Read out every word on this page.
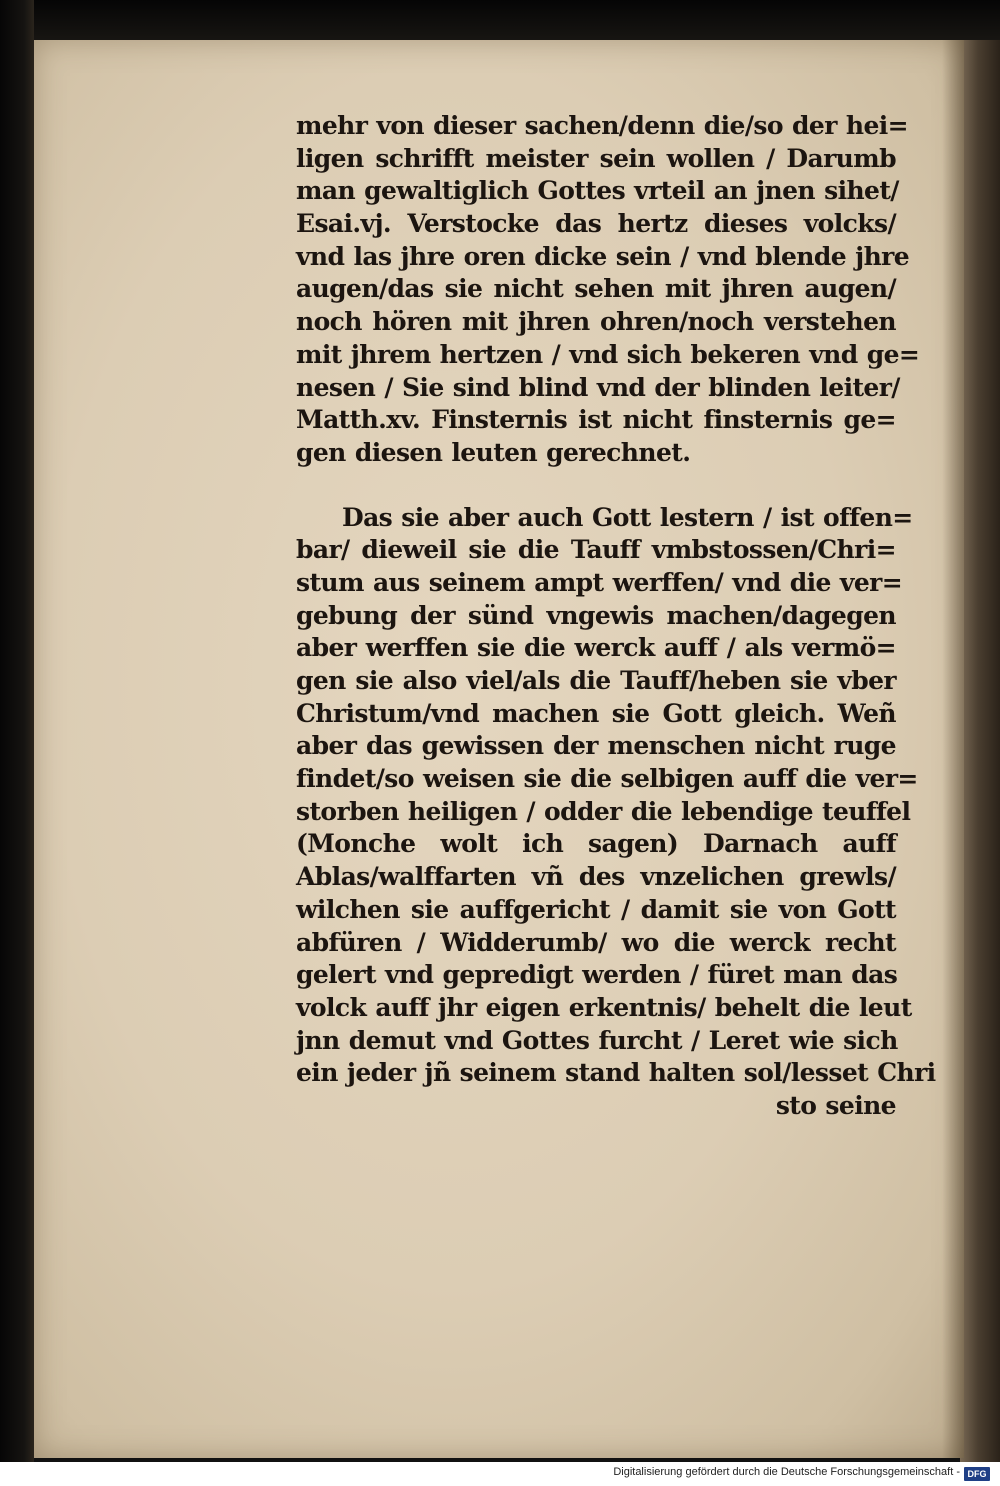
mehr von dieser sachen/denn die/so der hei=
ligen schrifft meister sein wollen / Darumb
man gewaltiglich Gottes vrteil an jnen sihet/
Esai.vj. Verstocke das hertz dieses volcks/
vnd las jhre oren dicke sein / vnd blende jhre
augen/das sie nicht sehen mit jhren augen/
noch hören mit jhren ohren/noch verstehen
mit jhrem hertzen / vnd sich bekeren vnd ge=
nesen / Sie sind blind vnd der blinden leiter/
Matth.xv. Finsternis ist nicht finsternis ge=
gen diesen leuten gerechnet.
Das sie aber auch Gott lestern / ist offen=
bar/ dieweil sie die Tauff vmbstossen/Chri=
stum aus seinem ampt werffen/ vnd die ver=
gebung der sünd vngewis machen/dagegen
aber werffen sie die werck auff / als vermö=
gen sie also viel/als die Tauff/heben sie vber
Christum/vnd machen sie Gott gleich. Weñ
aber das gewissen der menschen nicht ruge
findet/so weisen sie die selbigen auff die ver=
storben heiligen / odder die lebendige teuffel
(Monche wolt ich sagen) Darnach auff
Ablas/walffarten vñ des vnzelichen grewls/
wilchen sie auffgericht / damit sie von Gott
abfüren / Widderumb/ wo die werck recht
gelert vnd gepredigt werden / füret man das
volck auff jhr eigen erkentnis/ behelt die leut
jnn demut vnd Gottes furcht / Leret wie sich
ein jeder jñ seinem stand halten sol/lesset Chri
sto seine
Digitalisierung gefördert durch die Deutsche Forschungsgemeinschaft - DFG
